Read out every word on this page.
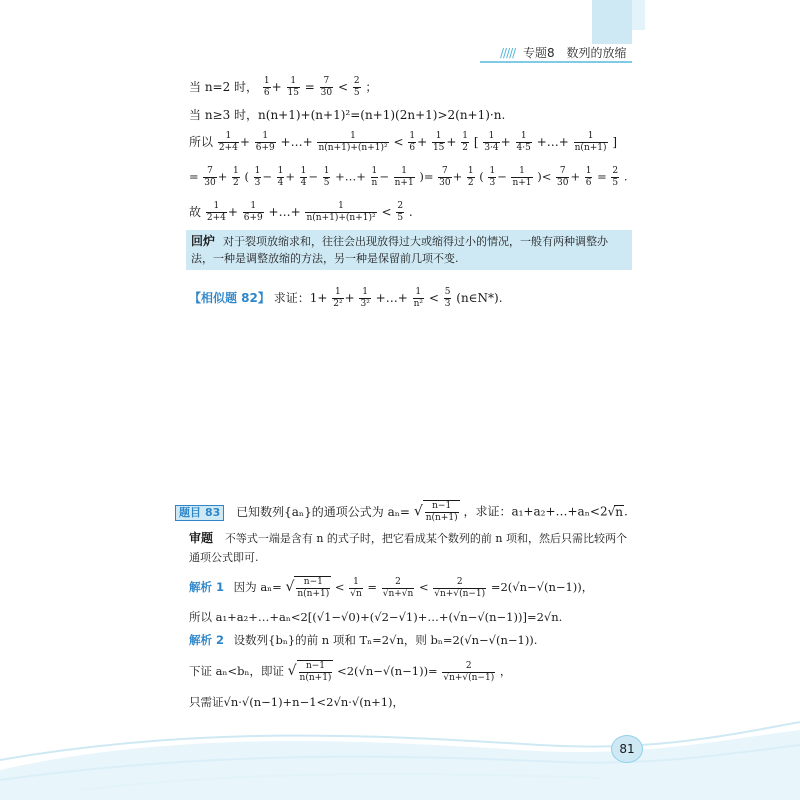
///// 专题8 数列的放缩
当 n=2 时， $\frac{1}{6} + \frac{1}{15} = \frac{7}{30} < \frac{2}{5}$ ；
当 n≥3 时，n(n+1)+(n+1)²=(n+1)(2n+1)>2(n+1)·n.
所以 $\frac{1}{2+4} + \frac{1}{6+9}$ +…+ $\frac{1}{\text{n(n+1)+(n+1)²}} < \frac{1}{6} + \frac{1}{15} + \frac{1}{2}$ [ $\frac{1}{3\cdot 4} + \frac{1}{4\cdot 5}$ +…+ $\frac{1}{n(n+1)}$ ]
= $\frac{7}{30} + \frac{1}{2}$ ( $\frac{1}{3} - \frac{1}{4} + \frac{1}{4} - \frac{1}{5}$ +…+ $\frac{1}{n} - \frac{1}{n+1}$ )= $\frac{7}{30} + \frac{1}{2}$ ( $\frac{1}{3} - \frac{1}{n+1}$ )< $\frac{7}{30} + \frac{1}{6} = \frac{2}{5}$ .
故 $\frac{1}{2+4} + \frac{1}{6+9}$ +…+ $\frac{1}{\text{n(n+1)+(n+1)²}} < \frac{2}{5}$ .
回炉 对于裂项放缩求和，往往会出现放得过大或缩得过小的情况，一般有两种调整办
法，一种是调整放缩的方法，另一种是保留前几项不变.
【相似题 82】 求证：$1+ \frac{1}{\text{2²}} + \frac{1}{\text{3²}}$ +…+ $\frac{1}{\text{n²}} < \frac{5}{3}$ (n∈N*).
题目 83 已知数列{aₙ}的通项公式为 aₙ= √ $\frac{n-1}{n(n+1)}$ ，求证：a₁+a₂+…+aₙ<2√n.
审题 不等式一端是含有 n 的式子时，把它看成某个数列的前 n 项和，然后只需比较两个
通项公式即可.
解析 1 因为 aₙ= √ $\frac{n-1}{n(n+1)} < \frac{1}{√n} = \frac{2}{√n+√n} < \frac{2}{√n+√(n-1)} =2(√n-√(n-1))$，
所以 a₁+a₂+…+aₙ<2[(√1−√0)+(√2−√1)+…+(√n−√(n−1))]=2√n.
解析 2 设数列{bₙ}的前 n 项和 Tₙ=2√n，则 bₙ=2(√n−√(n−1)).
下证 aₙ<bₙ，即证 √ $\frac{n-1}{n(n+1)} <2(√n-√(n-1))= \frac{2}{√n+√(n-1)}$ ，
只需证√n·√(n−1)+n−1<2√n·√(n+1)，
81
